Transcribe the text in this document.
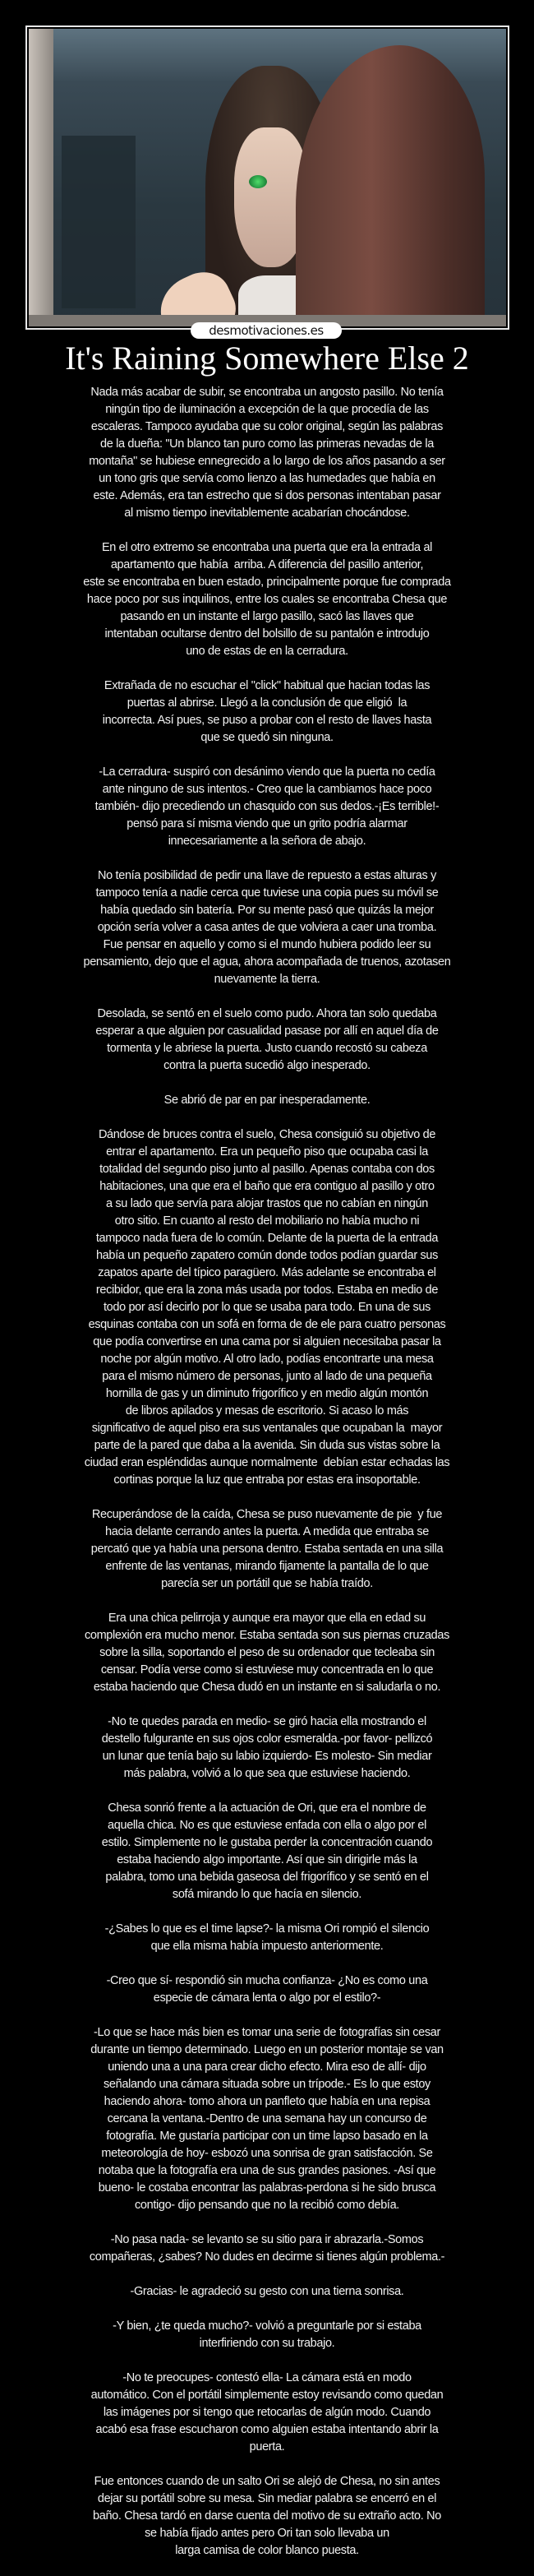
desmotivaciones.es
It's Raining Somewhere Else 2
Nada más acabar de subir, se encontraba un angosto pasillo. No tenía
ningún tipo de iluminación a excepción de la que procedía de las
escaleras. Tampoco ayudaba que su color original, según las palabras
de la dueña: "Un blanco tan puro como las primeras nevadas de la
montaña" se hubiese ennegrecido a lo largo de los años pasando a ser
un tono gris que servía como lienzo a las humedades que había en
este. Además, era tan estrecho que si dos personas intentaban pasar
al mismo tiempo inevitablemente acabarían chocándose.
En el otro extremo se encontraba una puerta que era la entrada al
apartamento que había  arriba. A diferencia del pasillo anterior,
este se encontraba en buen estado, principalmente porque fue comprada
hace poco por sus inquilinos, entre los cuales se encontraba Chesa que
pasando en un instante el largo pasillo, sacó las llaves que
intentaban ocultarse dentro del bolsillo de su pantalón e introdujo
uno de estas de en la cerradura.
Extrañada de no escuchar el "click" habitual que hacian todas las
puertas al abrirse. Llegó a la conclusión de que eligió  la
incorrecta. Así pues, se puso a probar con el resto de llaves hasta
que se quedó sin ninguna.
-La cerradura- suspiró con desánimo viendo que la puerta no cedía
ante ninguno de sus intentos.- Creo que la cambiamos hace poco
también- dijo precediendo un chasquido con sus dedos.-¡Es terrible!-
pensó para sí misma viendo que un grito podría alarmar
innecesariamente a la señora de abajo.
No tenía posibilidad de pedir una llave de repuesto a estas alturas y
tampoco tenía a nadie cerca que tuviese una copia pues su móvil se
había quedado sin batería. Por su mente pasó que quizás la mejor
opción sería volver a casa antes de que volviera a caer una tromba.
Fue pensar en aquello y como si el mundo hubiera podido leer su
pensamiento, dejo que el agua, ahora acompañada de truenos, azotasen
nuevamente la tierra.
Desolada, se sentó en el suelo como pudo. Ahora tan solo quedaba
esperar a que alguien por casualidad pasase por allí en aquel día de
tormenta y le abriese la puerta. Justo cuando recostó su cabeza
contra la puerta sucedió algo inesperado.
Se abrió de par en par inesperadamente.
Dándose de bruces contra el suelo, Chesa consiguió su objetivo de
entrar el apartamento. Era un pequeño piso que ocupaba casi la
totalidad del segundo piso junto al pasillo. Apenas contaba con dos
habitaciones, una que era el baño que era contiguo al pasillo y otro
a su lado que servía para alojar trastos que no cabían en ningún
otro sitio. En cuanto al resto del mobiliario no había mucho ni
tampoco nada fuera de lo común. Delante de la puerta de la entrada
había un pequeño zapatero común donde todos podían guardar sus
zapatos aparte del típico paragüero. Más adelante se encontraba el
recibidor, que era la zona más usada por todos. Estaba en medio de
todo por así decirlo por lo que se usaba para todo. En una de sus
esquinas contaba con un sofá en forma de de ele para cuatro personas
que podía convertirse en una cama por si alguien necesitaba pasar la
noche por algún motivo. Al otro lado, podías encontrarte una mesa
para el mismo número de personas, junto al lado de una pequeña
hornilla de gas y un diminuto frigorífico y en medio algún montón
de libros apilados y mesas de escritorio. Si acaso lo más
significativo de aquel piso era sus ventanales que ocupaban la  mayor
parte de la pared que daba a la avenida. Sin duda sus vistas sobre la
ciudad eran espléndidas aunque normalmente  debían estar echadas las
cortinas porque la luz que entraba por estas era insoportable.
Recuperándose de la caída, Chesa se puso nuevamente de pie  y fue
hacia delante cerrando antes la puerta. A medida que entraba se
percató que ya había una persona dentro. Estaba sentada en una silla
enfrente de las ventanas, mirando fijamente la pantalla de lo que
parecía ser un portátil que se había traído.
Era una chica pelirroja y aunque era mayor que ella en edad su
complexión era mucho menor. Estaba sentada son sus piernas cruzadas
sobre la silla, soportando el peso de su ordenador que tecleaba sin
censar. Podía verse como si estuviese muy concentrada en lo que
estaba haciendo que Chesa dudó en un instante en si saludarla o no.
-No te quedes parada en medio- se giró hacia ella mostrando el
destello fulgurante en sus ojos color esmeralda.-por favor- pellizcó
un lunar que tenía bajo su labio izquierdo- Es molesto- Sin mediar
más palabra, volvió a lo que sea que estuviese haciendo.
Chesa sonrió frente a la actuación de Ori, que era el nombre de
aquella chica. No es que estuviese enfada con ella o algo por el
estilo. Simplemente no le gustaba perder la concentración cuando
estaba haciendo algo importante. Así que sin dirigirle más la
palabra, tomo una bebida gaseosa del frigorífico y se sentó en el
sofá mirando lo que hacía en silencio.
-¿Sabes lo que es el time lapse?- la misma Ori rompió el silencio
que ella misma había impuesto anteriormente.
-Creo que sí- respondió sin mucha confianza- ¿No es como una
especie de cámara lenta o algo por el estilo?-
-Lo que se hace más bien es tomar una serie de fotografías sin cesar
durante un tiempo determinado. Luego en un posterior montaje se van
uniendo una a una para crear dicho efecto. Mira eso de allí- dijo
señalando una cámara situada sobre un trípode.- Es lo que estoy
haciendo ahora- tomo ahora un panfleto que había en una repisa
cercana la ventana.-Dentro de una semana hay un concurso de
fotografía. Me gustaría participar con un time lapso basado en la
meteorología de hoy- esbozó una sonrisa de gran satisfacción. Se
notaba que la fotografía era una de sus grandes pasiones. -Así que
bueno- le costaba encontrar las palabras-perdona si he sido brusca
contigo- dijo pensando que no la recibió como debía.
-No pasa nada- se levanto se su sitio para ir abrazarla.-Somos
compañeras, ¿sabes? No dudes en decirme si tienes algún problema.-
-Gracias- le agradeció su gesto con una tierna sonrisa.
-Y bien, ¿te queda mucho?- volvió a preguntarle por si estaba
interfiriendo con su trabajo.
-No te preocupes- contestó ella- La cámara está en modo
automático. Con el portátil simplemente estoy revisando como quedan
las imágenes por si tengo que retocarlas de algún modo. Cuando
acabó esa frase escucharon como alguien estaba intentando abrir la
puerta.
Fue entonces cuando de un salto Ori se alejó de Chesa, no sin antes
dejar su portátil sobre su mesa. Sin mediar palabra se encerró en el
baño. Chesa tardó en darse cuenta del motivo de su extraño acto. No
se había fijado antes pero Ori tan solo llevaba un
larga camisa de color blanco puesta.
